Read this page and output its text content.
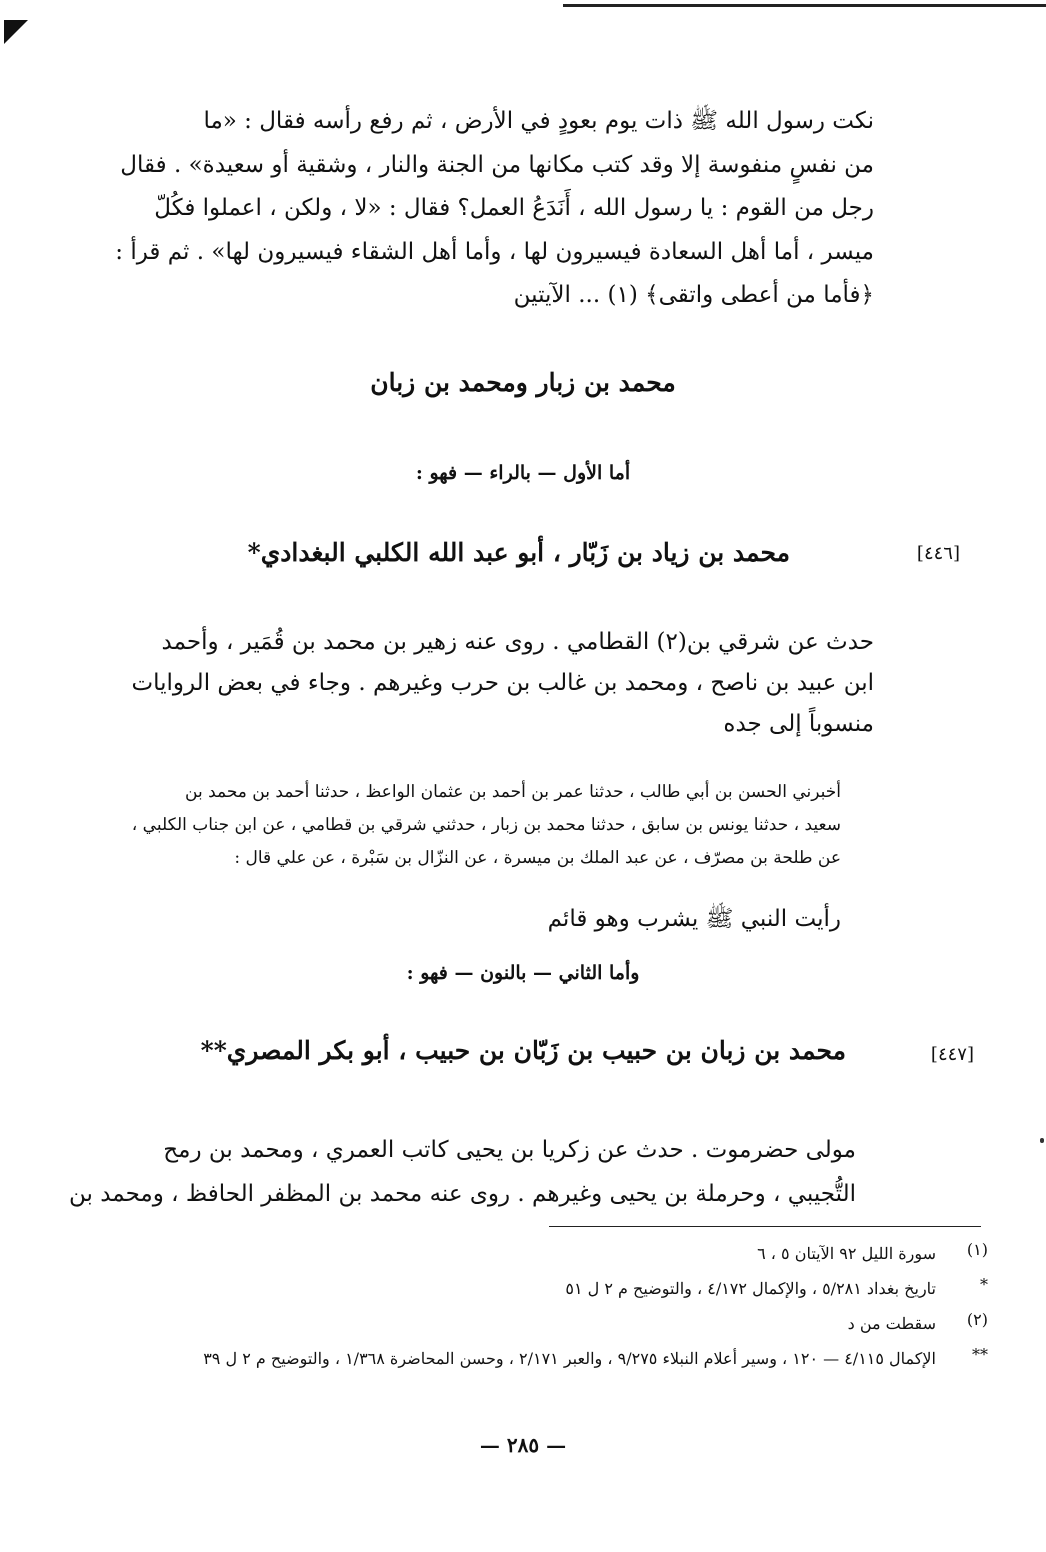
نكت رسول الله ﷺ ذات يوم بعودٍ في الأرض ، ثم رفع رأسه فقال : «ما
من نفسٍ منفوسة إلا وقد كتب مكانها من الجنة والنار ، وشقية أو سعيدة» . فقال
رجل من القوم : يا رسول الله ، أَنَدَعُ العمل؟ فقال : «لا ، ولكن ، اعملوا فكُلّ
ميسر ، أما أهل السعادة فيسيرون لها ، وأما أهل الشقاء فيسيرون لها» . ثم قرأ :
﴿فأما من أعطى واتقى﴾ (١) ... الآيتين
محمد بن زبار ومحمد بن زبان
أما الأول — بالراء — فهو :
[٤٤٦]
محمد بن زياد بن زَبّار ، أبو عبد الله الكلبي البغدادي*
حدث عن شرقي بن(٢) القطامي . روى عنه زهير بن محمد بن قُمَير ، وأحمد
ابن عبيد بن ناصح ، ومحمد بن غالب بن حرب وغيرهم . وجاء في بعض الروايات
منسوباً إلى جده
أخبرني الحسن بن أبي طالب ، حدثنا عمر بن أحمد بن عثمان الواعظ ، حدثنا أحمد بن محمد بن
سعيد ، حدثنا يونس بن سابق ، حدثنا محمد بن زبار ، حدثني شرقي بن قطامي ، عن ابن جناب الكلبي ،
عن طلحة بن مصرّف ، عن عبد الملك بن ميسرة ، عن النزّال بن سَبْرة ، عن علي قال :
رأيت النبي ﷺ يشرب وهو قائم
وأما الثاني — بالنون — فهو :
[٤٤٧]
محمد بن زبان بن حبيب بن زَبّان بن حبيب ، أبو بكر المصري**
مولى حضرموت . حدث عن زكريا بن يحيى كاتب العمري ، ومحمد بن رمح
التُّجيبي ، وحرملة بن يحيى وغيرهم . روى عنه محمد بن المظفر الحافظ ، ومحمد بن
(١)
سورة الليل ٩٢ الآيتان ٥ ، ٦
*
تاريخ بغداد ٥/٢٨١ ، والإكمال ٤/١٧٢ ، والتوضيح م ٢ ل ٥١
(٢)
سقطت من د
**
الإكمال ٤/١١٥ — ١٢٠ ، وسير أعلام النبلاء ٩/٢٧٥ ، والعبر ٢/١٧١ ، وحسن المحاضرة ١/٣٦٨ ، والتوضيح م ٢ ل ٣٩
— ٢٨٥ —
